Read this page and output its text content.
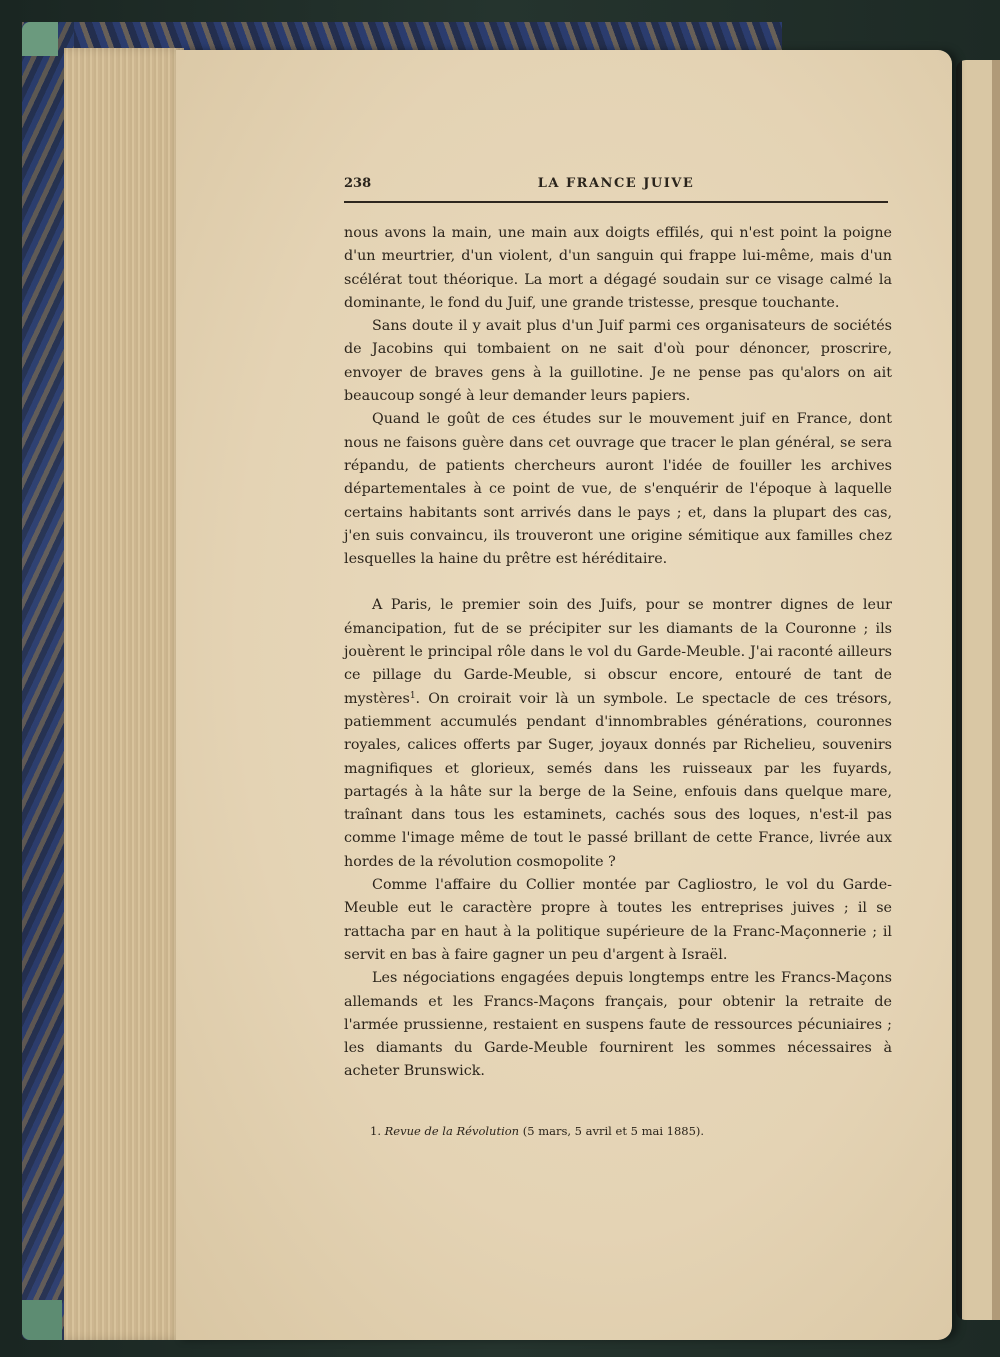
238	LA FRANCE JUIVE

nous avons la main, une main aux doigts effilés, qui n'est point la poigne d'un meurtrier, d'un violent, d'un sanguin qui frappe lui-même, mais d'un scélérat tout théorique. La mort a dégagé soudain sur ce visage calmé la dominante, le fond du Juif, une grande tristesse, presque touchante.

Sans doute il y avait plus d'un Juif parmi ces organisateurs de sociétés de Jacobins qui tombaient on ne sait d'où pour dénoncer, proscrire, envoyer de braves gens à la guillotine. Je ne pense pas qu'alors on ait beaucoup songé à leur demander leurs papiers.

Quand le goût de ces études sur le mouvement juif en France, dont nous ne faisons guère dans cet ouvrage que tracer le plan général, se sera répandu, de patients chercheurs auront l'idée de fouiller les archives départementales à ce point de vue, de s'enquérir de l'époque à laquelle certains habitants sont arrivés dans le pays ; et, dans la plupart des cas, j'en suis convaincu, ils trouveront une origine sémitique aux familles chez lesquelles la haine du prêtre est héréditaire.

A Paris, le premier soin des Juifs, pour se montrer dignes de leur émancipation, fut de se précipiter sur les diamants de la Couronne ; ils jouèrent le principal rôle dans le vol du Garde-Meuble. J'ai raconté ailleurs ce pillage du Garde-Meuble, si obscur encore, entouré de tant de mystères$^1$. On croirait voir là un symbole. Le spectacle de ces trésors, patiemment accumulés pendant d'innombrables générations, couronnes royales, calices offerts par Suger, joyaux donnés par Richelieu, souvenirs magnifiques et glorieux, semés dans les ruisseaux par les fuyards, partagés à la hâte sur la berge de la Seine, enfouis dans quelque mare, traînant dans tous les estaminets, cachés sous des loques, n'est-il pas comme l'image même de tout le passé brillant de cette France, livrée aux hordes de la révolution cosmopolite ?

Comme l'affaire du Collier montée par Cagliostro, le vol du Garde-Meuble eut le caractère propre à toutes les entreprises juives ; il se rattacha par en haut à la politique supérieure de la Franc-Maçonnerie ; il servit en bas à faire gagner un peu d'argent à Israël.

Les négociations engagées depuis longtemps entre les Francs-Maçons allemands et les Francs-Maçons français, pour obtenir la retraite de l'armée prussienne, restaient en suspens faute de ressources pécuniaires ; les diamants du Garde-Meuble fournirent les sommes nécessaires à acheter Brunswick.

1. Revue de la Révolution (5 mars, 5 avril et 5 mai 1885).
